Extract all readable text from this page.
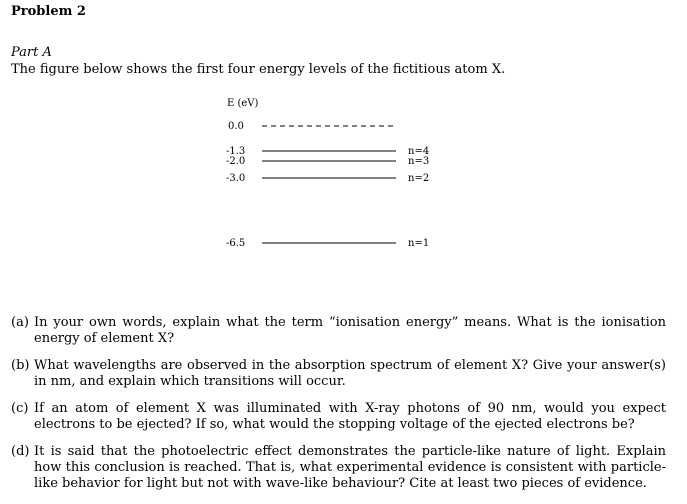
Problem 2
Part A
The figure below shows the first four energy levels of the fictitious atom X.
E (eV)
0.0
-1.3	n=4
-2.0	n=3
-3.0	n=2
-6.5	n=1
(a) In your own words, explain what the term “ionisation energy” means. What is the ionisation energy of element X?
(b) What wavelengths are observed in the absorption spectrum of element X? Give your answer(s) in nm, and explain which transitions will occur.
(c) If an atom of element X was illuminated with X-ray photons of 90 nm, would you expect electrons to be ejected? If so, what would the stopping voltage of the ejected electrons be?
(d) It is said that the photoelectric effect demonstrates the particle-like nature of light. Explain how this conclusion is reached. That is, what experimental evidence is consistent with particle-like behavior for light but not with wave-like behaviour? Cite at least two pieces of evidence.
